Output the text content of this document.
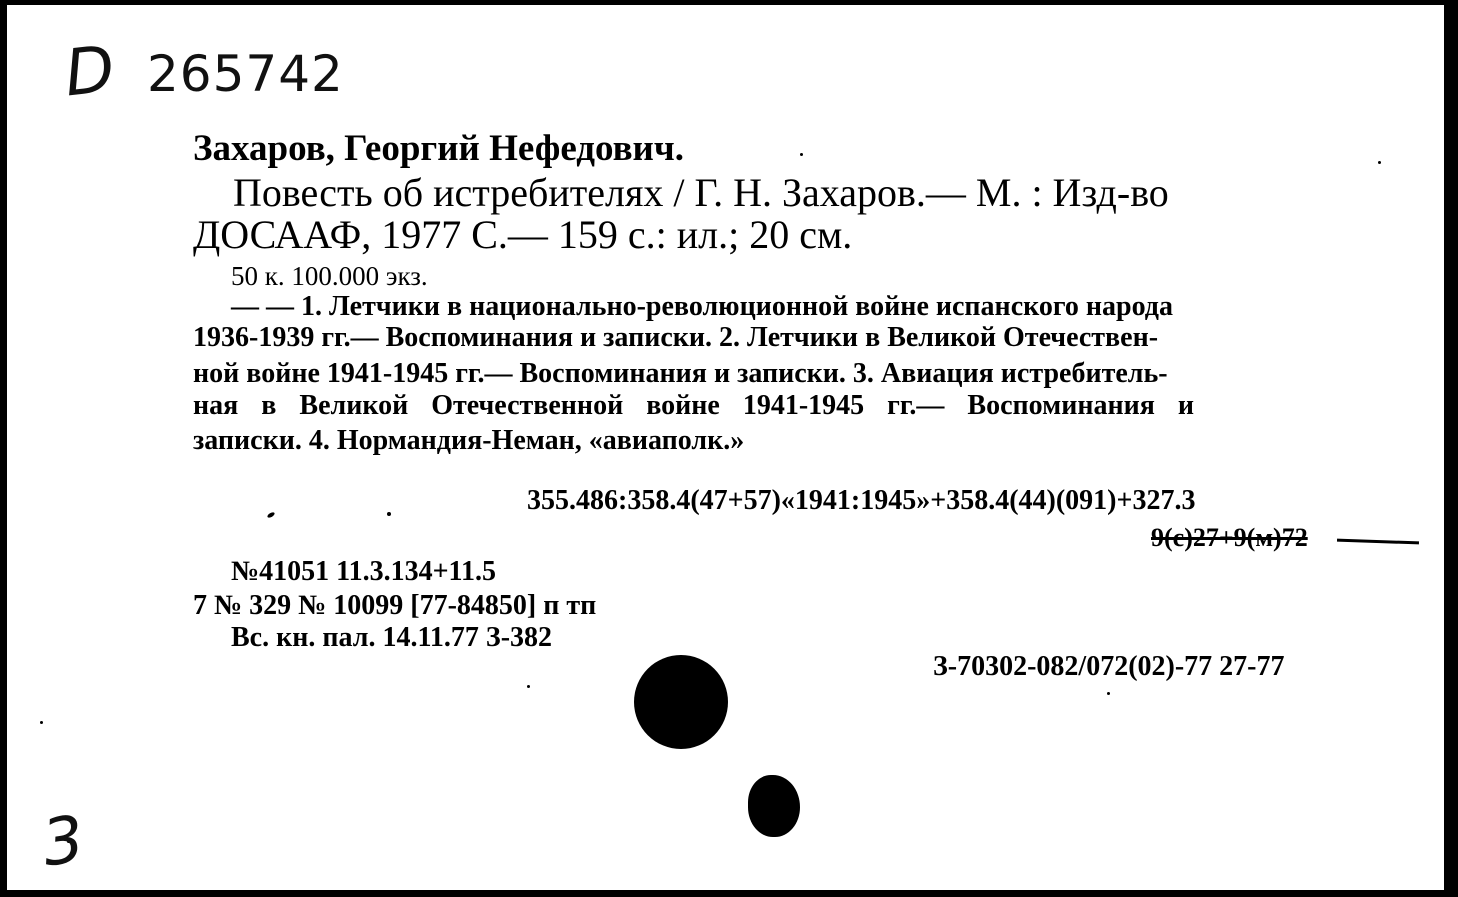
D 265742
Захаров, Георгий Нефедович.
Повесть об истребителях / Г. Н. Захаров.— М. : Изд-во
ДОСААФ, 1977 С.— 159 с.: ил.; 20 см.
50 к. 100.000 экз.
— — 1. Летчики в национально-революционной войне испанского народа
1936-1939 гг.— Воспоминания и записки. 2. Летчики в Великой Отечествен-
ной войне 1941-1945 гг.— Воспоминания и записки. 3. Авиация истребитель-
ная в Великой Отечественной войне 1941-1945 гг.— Воспоминания и
записки. 4. Нормандия-Неман, «авиаполк.»
355.486:358.4(47+57)«1941:1945»+358.4(44)(091)+327.3
9(с)27+9(м)72
№41051 11.3.134+11.5
7 № 329 № 10099 [77-84850] п тп
Вс. кн. пал. 14.11.77 З-382
З-70302-082/072(02)-77 27-77
3
